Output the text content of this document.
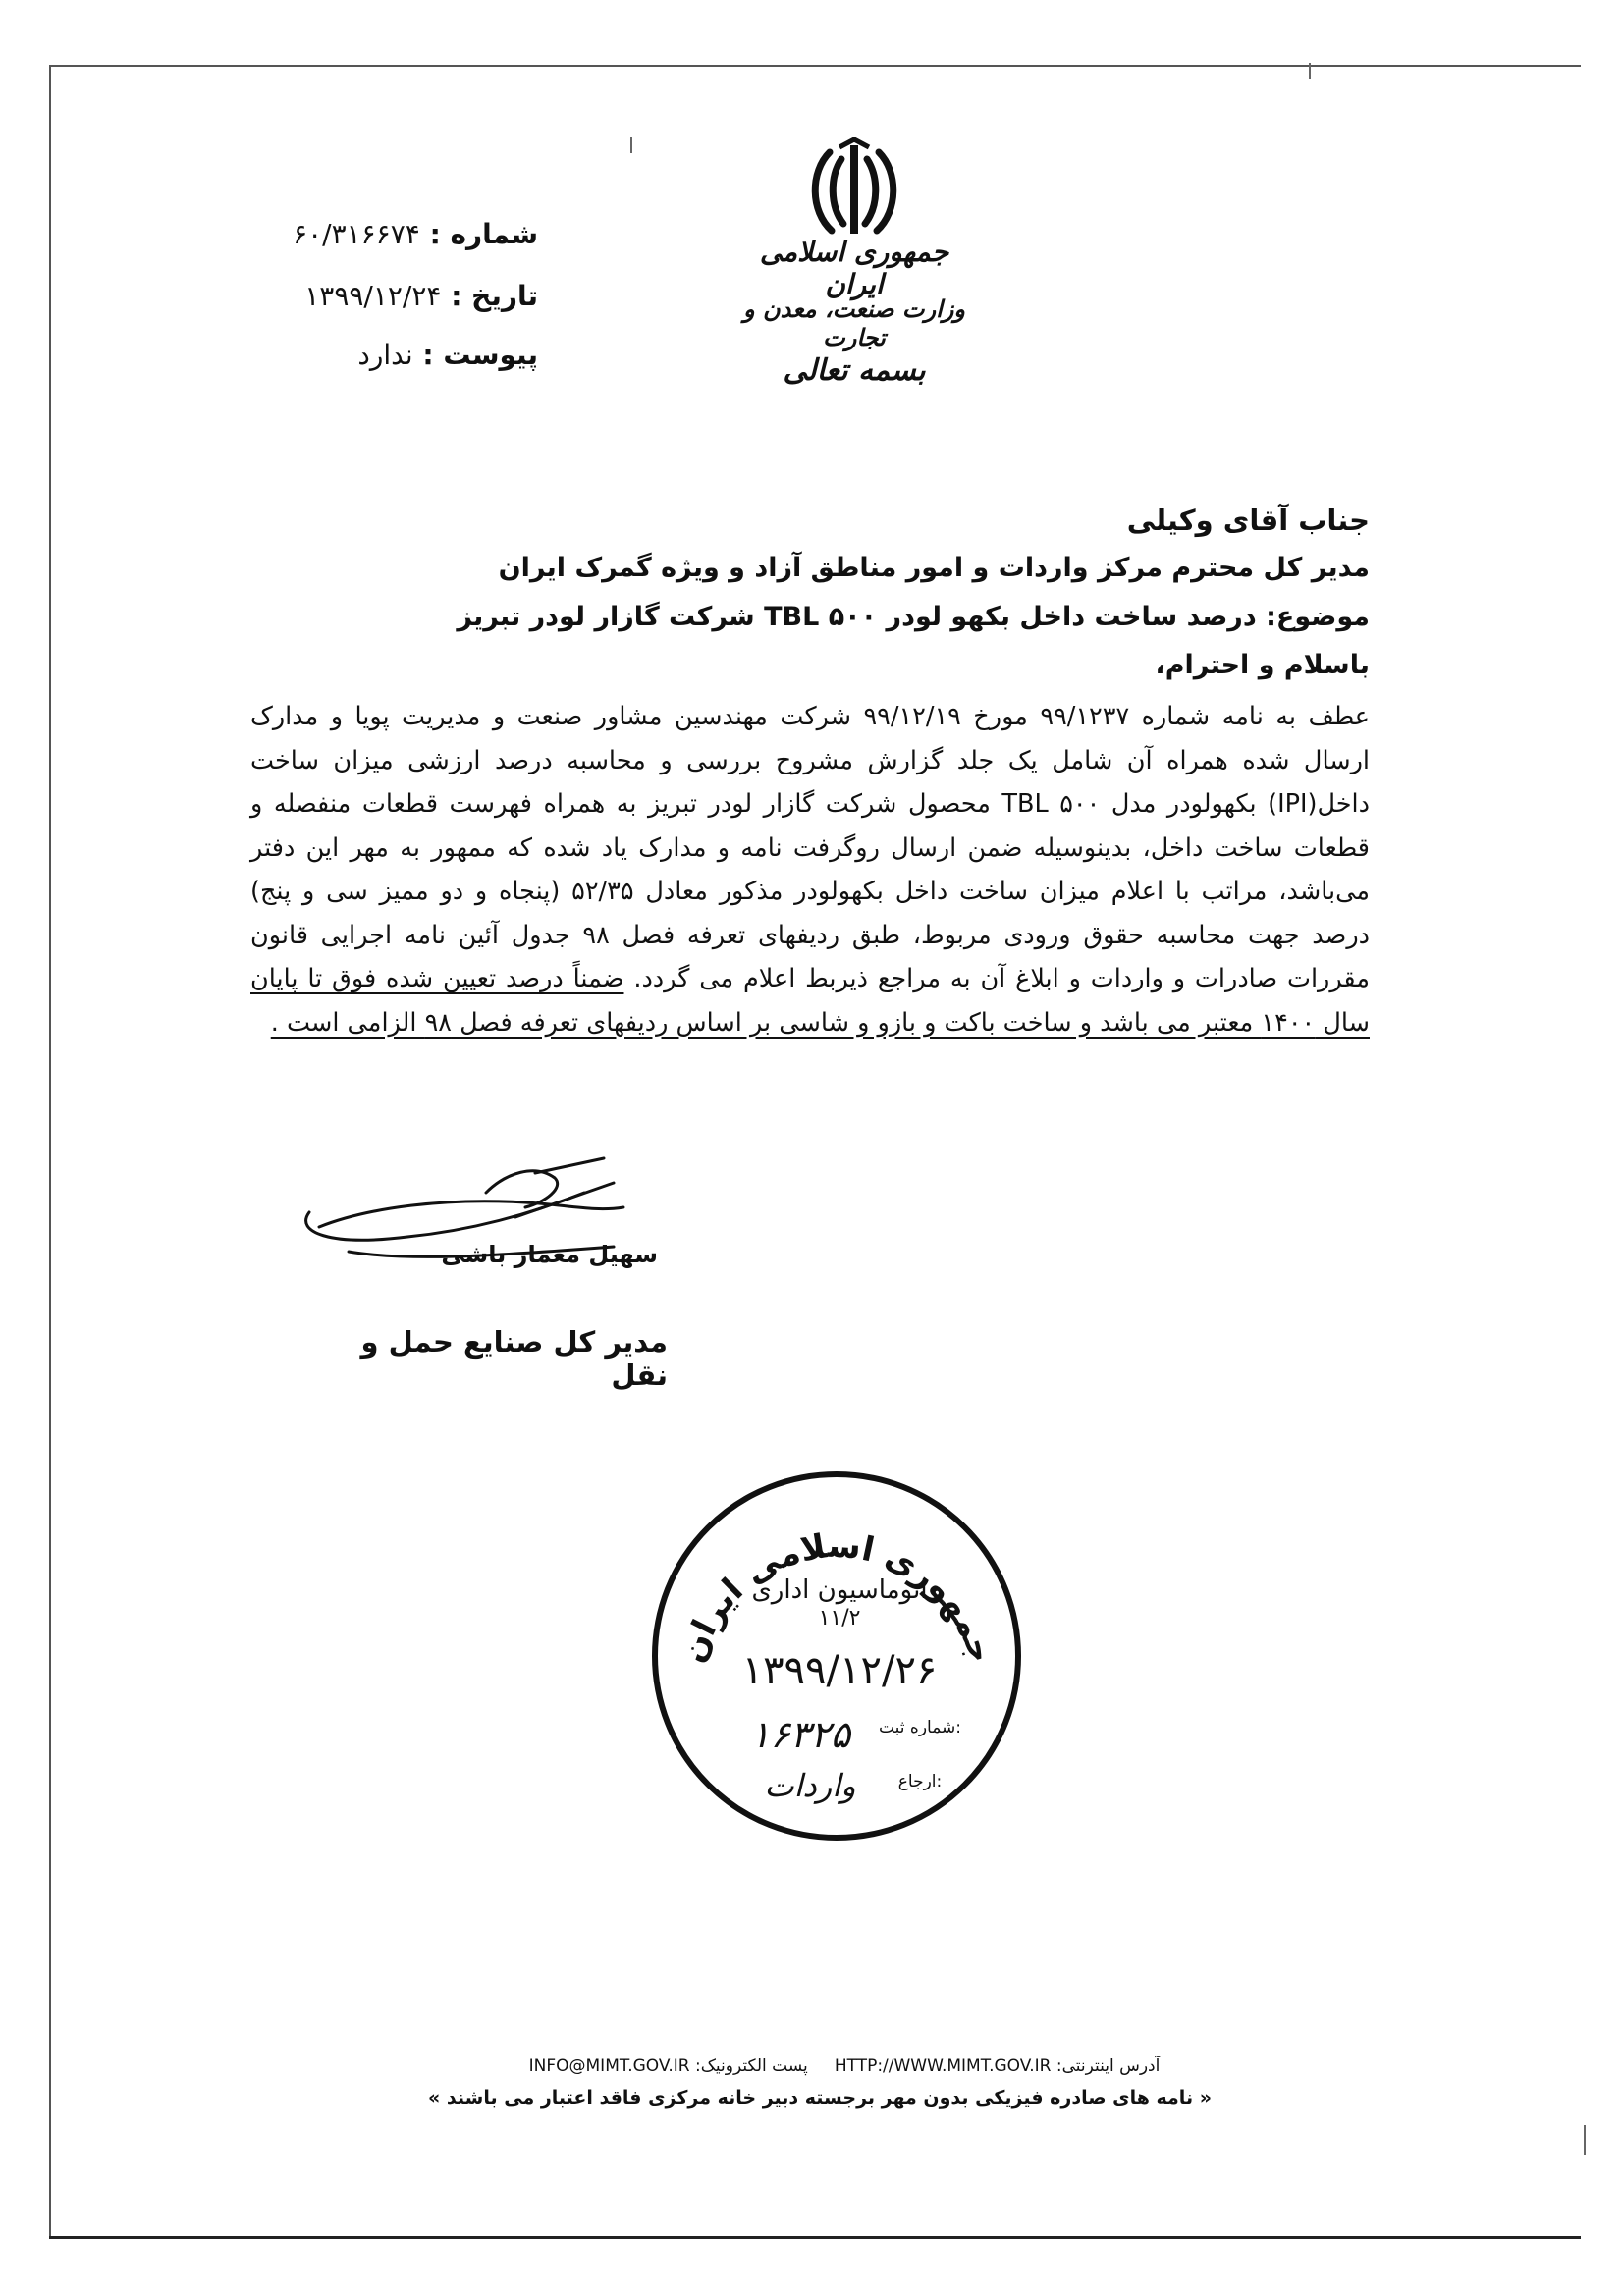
جمهوری اسلامی ایران
وزارت صنعت، معدن و تجارت
بسمه تعالی
شماره : ۶۰/۳۱۶۶۷۴
تاریخ : ۱۳۹۹/۱۲/۲۴
پیوست : ندارد
جناب آقای وکیلی
مدیر کل محترم مرکز واردات و امور مناطق آزاد و ویژه گمرک ایران
موضوع: درصد ساخت داخل بکهو لودر TBL ۵۰۰ شرکت گازار لودر تبریز
باسلام و احترام،
عطف به نامه شماره ۹۹/۱۲۳۷ مورخ ۹۹/۱۲/۱۹ شرکت مهندسین مشاور صنعت و مدیریت پویا و مدارک ارسال شده همراه آن شامل یک جلد گزارش مشروح بررسی و محاسبه درصد ارزشی میزان ساخت داخل(IPI) بکهولودر مدل TBL ۵۰۰ محصول شرکت گازار لودر تبریز به همراه فهرست قطعات منفصله و قطعات ساخت داخل، بدینوسیله ضمن ارسال روگرفت نامه و مدارک یاد شده که ممهور به مهر این دفتر می‌باشد، مراتب با اعلام میزان ساخت داخل بکهولودر مذکور معادل ۵۲/۳۵ (پنجاه و دو ممیز سی و پنج) درصد جهت محاسبه حقوق ورودی مربوط، طبق ردیفهای تعرفه فصل ۹۸ جدول آئین نامه اجرایی قانون مقررات صادرات و واردات و ابلاغ آن به مراجع ذیربط اعلام می گردد. ضمناً درصد تعیین شده فوق تا پایان سال ۱۴۰۰ معتبر می باشد و ساخت باکت و بازو و شاسی بر اساس ردیفهای تعرفه فصل ۹۸ الزامی است .
سهیل معمار باشی
مدیر کل صنایع حمل و نقل
جمهوری اسلامی ایران
اتوماسیون اداری
۱۱/۲
۱۳۹۹/۱۲/۲۶
شماره ثبت:
۱۶۳۲۵
ارجاع:
واردات
INFO@MIMT.GOV.IR پست الکترونیک: HTTP://WWW.MIMT.GOV.IR آدرس اینترنتی:
« نامه های صادره فیزیکی بدون مهر برجسته دبیر خانه مرکزی فاقد اعتبار می باشند »
